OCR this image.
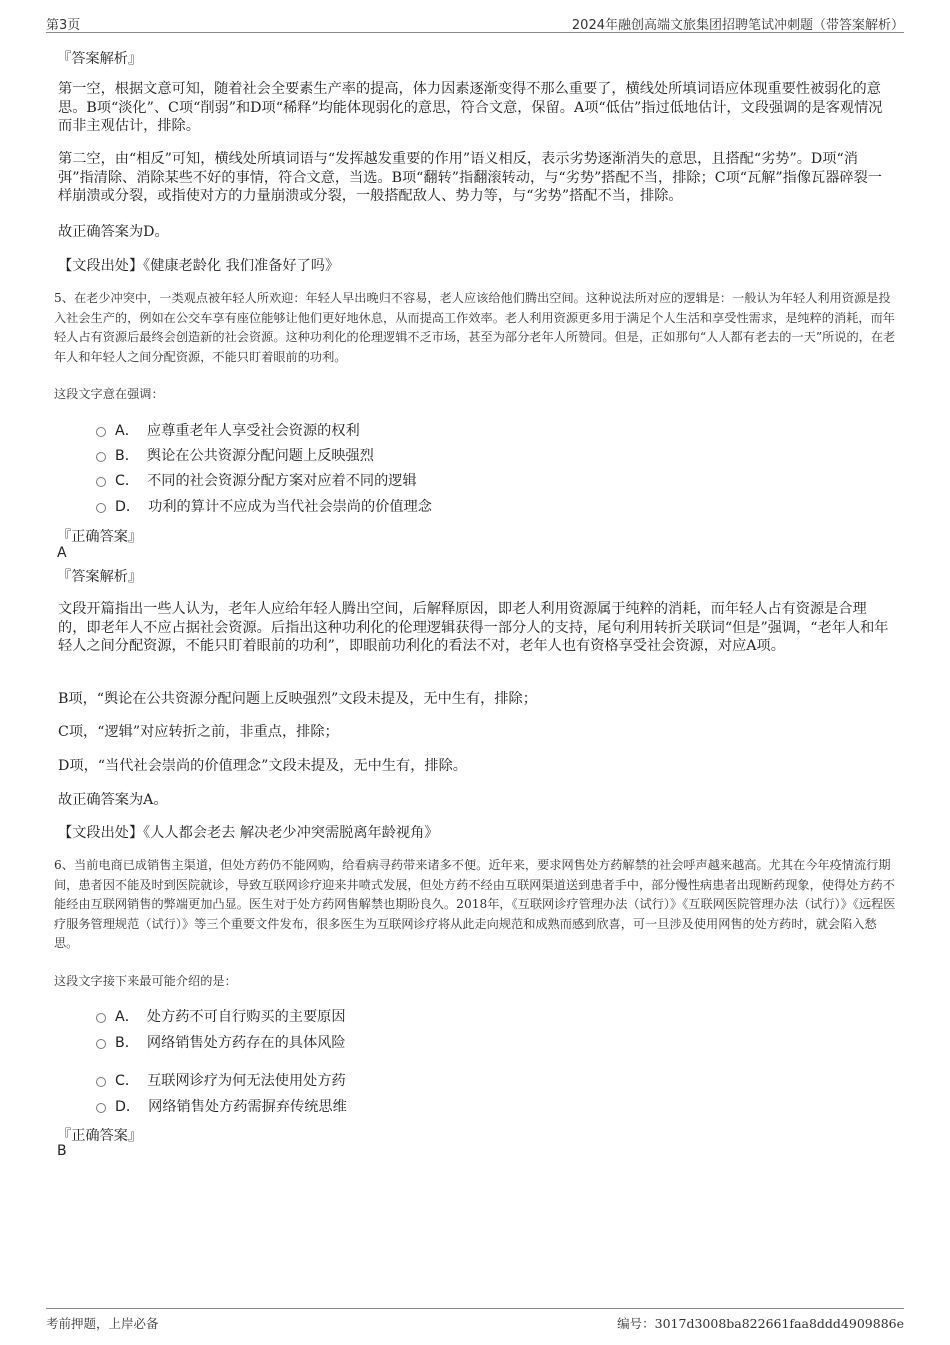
第3页	2024年融创高端文旅集团招聘笔试冲刺题（带答案解析）
『答案解析』
第一空，根据文意可知，随着社会全要素生产率的提高，体力因素逐渐变得不那么重要了，横线处所填词语应体现重要性被弱化的意思。B项“淡化”、C项“削弱”和D项“稀释”均能体现弱化的意思，符合文意，保留。A项“低估”指过低地估计，文段强调的是客观情况而非主观估计，排除。
第二空，由“相反”可知，横线处所填词语与“发挥越发重要的作用”语义相反，表示劣势逐渐消失的意思，且搭配“劣势”。D项“消弭”指清除、消除某些不好的事情，符合文意，当选。B项“翻转”指翻滚转动，与“劣势”搭配不当，排除；C项“瓦解”指像瓦器碎裂一样崩溃或分裂，或指使对方的力量崩溃或分裂，一般搭配敌人、势力等，与“劣势”搭配不当，排除。
故正确答案为D。
【文段出处】《健康老龄化 我们准备好了吗》
5、在老少冲突中，一类观点被年轻人所欢迎：年轻人早出晚归不容易，老人应该给他们腾出空间。这种说法所对应的逻辑是：一般认为年轻人利用资源是投入社会生产的，例如在公交车享有座位能够让他们更好地休息，从而提高工作效率。老人利用资源更多用于满足个人生活和享受性需求，是纯粹的消耗，而年轻人占有资源后最终会创造新的社会资源。这种功利化的伦理逻辑不乏市场，甚至为部分老年人所赞同。但是，正如那句“人人都有老去的一天”所说的，在老年人和年轻人之间分配资源，不能只盯着眼前的功利。
这段文字意在强调：
A． 应尊重老年人享受社会资源的权利
B． 舆论在公共资源分配问题上反映强烈
C． 不同的社会资源分配方案对应着不同的逻辑
D． 功利的算计不应成为当代社会崇尚的价值理念
『正确答案』
A
『答案解析』
文段开篇指出一些人认为，老年人应给年轻人腾出空间，后解释原因，即老人利用资源属于纯粹的消耗，而年轻人占有资源是合理的，即老年人不应占据社会资源。后指出这种功利化的伦理逻辑获得一部分人的支持，尾句利用转折关联词“但是”强调，“老年人和年轻人之间分配资源，不能只盯着眼前的功利”，即眼前功利化的看法不对，老年人也有资格享受社会资源，对应A项。
B项，“舆论在公共资源分配问题上反映强烈”文段未提及，无中生有，排除；
C项，“逻辑”对应转折之前，非重点，排除；
D项，“当代社会崇尚的价值理念”文段未提及，无中生有，排除。
故正确答案为A。
【文段出处】《人人都会老去 解决老少冲突需脱离年龄视角》
6、当前电商已成销售主渠道，但处方药仍不能网购，给看病寻药带来诸多不便。近年来，要求网售处方药解禁的社会呼声越来越高。尤其在今年疫情流行期间，患者因不能及时到医院就诊，导致互联网诊疗迎来井喷式发展，但处方药不经由互联网渠道送到患者手中，部分慢性病患者出现断药现象，使得处方药不能经由互联网销售的弊端更加凸显。医生对于处方药网售解禁也期盼良久。2018年，《互联网诊疗管理办法（试行）》《互联网医院管理办法（试行）》《远程医疗服务管理规范（试行）》等三个重要文件发布，很多医生为互联网诊疗将从此走向规范和成熟而感到欣喜，可一旦涉及使用网售的处方药时，就会陷入愁思。
这段文字接下来最可能介绍的是：
A． 处方药不可自行购买的主要原因
B． 网络销售处方药存在的具体风险
C． 互联网诊疗为何无法使用处方药
D． 网络销售处方药需摒弃传统思维
『正确答案』
B
考前押题，上岸必备	编号：3017d3008ba822661faa8ddd4909886e
